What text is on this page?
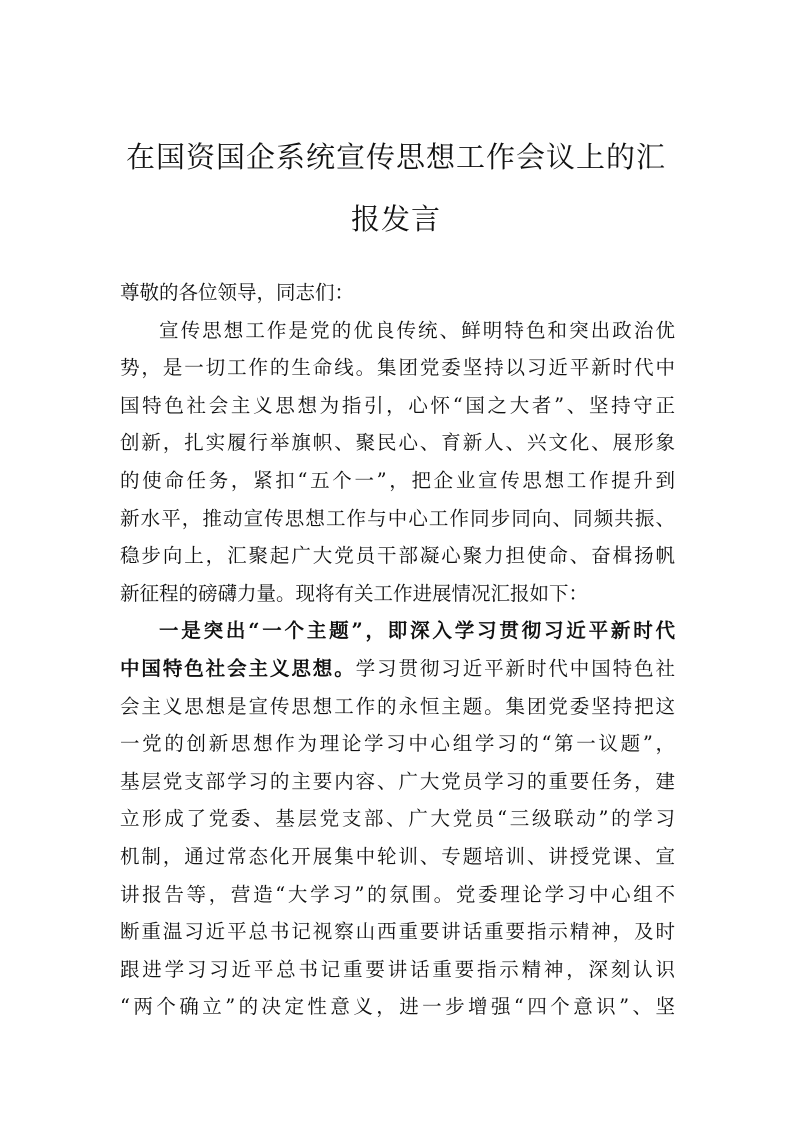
在国资国企系统宣传思想工作会议上的汇
报发言
尊敬的各位领导，同志们：
宣传思想工作是党的优良传统、鲜明特色和突出政治优
势，是一切工作的生命线。集团党委坚持以习近平新时代中
国特色社会主义思想为指引，心怀“国之大者”、坚持守正
创新，扎实履行举旗帜、聚民心、育新人、兴文化、展形象
的使命任务，紧扣“五个一”，把企业宣传思想工作提升到
新水平，推动宣传思想工作与中心工作同步同向、同频共振、
稳步向上，汇聚起广大党员干部凝心聚力担使命、奋楫扬帆
新征程的磅礴力量。现将有关工作进展情况汇报如下：
一是突出“一个主题”，即深入学习贯彻习近平新时代
中国特色社会主义思想。学习贯彻习近平新时代中国特色社
会主义思想是宣传思想工作的永恒主题。集团党委坚持把这
一党的创新思想作为理论学习中心组学习的“第一议题”，
基层党支部学习的主要内容、广大党员学习的重要任务，建
立形成了党委、基层党支部、广大党员“三级联动”的学习
机制，通过常态化开展集中轮训、专题培训、讲授党课、宣
讲报告等，营造“大学习”的氛围。党委理论学习中心组不
断重温习近平总书记视察山西重要讲话重要指示精神，及时
跟进学习习近平总书记重要讲话重要指示精神，深刻认识
“两个确立”的决定性意义，进一步增强“四个意识”、坚
